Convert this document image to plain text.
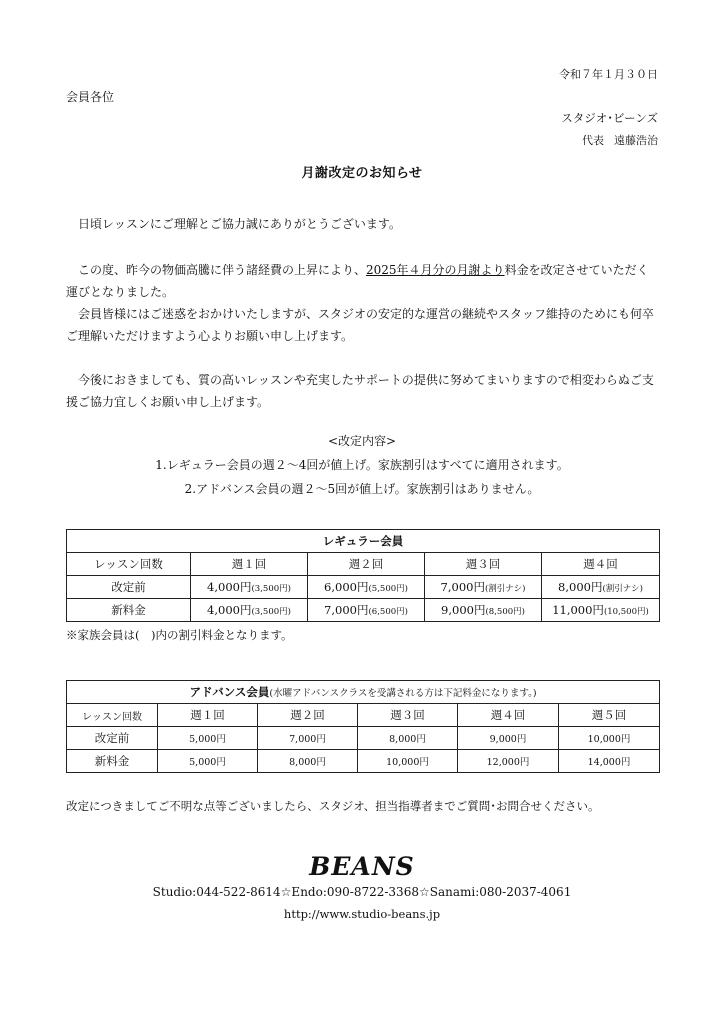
令和７年１月３０日
会員各位
スタジオ･ビーンズ
代表 遠藤浩治
月謝改定のお知らせ
日頃レッスンにご理解とご協力誠にありがとうございます。
この度、昨今の物価高騰に伴う諸経費の上昇により、2025年４月分の月謝より料金を改定させていただく運びとなりました。
会員皆様にはご迷惑をおかけいたしますが、スタジオの安定的な運営の継続やスタッフ維持のためにも何卒ご理解いただけますよう心よりお願い申し上げます。
今後におきましても、質の高いレッスンや充実したサポートの提供に努めてまいりますので相変わらぬご支援ご協力宜しくお願い申し上げます。
<改定内容>
1.レギュラー会員の週２～4回が値上げ。家族割引はすべてに適用されます。
2.アドバンス会員の週２～5回が値上げ。家族割引はありません。
レギュラー会員				
レッスン回数	週１回	週２回	週３回	週４回
改定前	4,000円(3,500円)	6,000円(5,500円)	7,000円(割引ナシ)	8,000円(割引ナシ)
新料金	4,000円(3,500円)	7,000円(6,500円)	9,000円(8,500円)	11,000円(10,500円)
※家族会員は(　)内の割引料金となります。
アドバンス会員(水曜アドバンスクラスを受講される方は下記料金になります。)					
レッスン回数	週１回	週２回	週３回	週４回	週５回
改定前	5,000円	7,000円	8,000円	9,000円	10,000円
新料金	5,000円	8,000円	10,000円	12,000円	14,000円
改定につきましてご不明な点等ございましたら、スタジオ、担当指導者までご質問･お問合せください。
BEANS
Studio:044-522-8614☆Endo:090-8722-3368☆Sanami:080-2037-4061
http://www.studio-beans.jp
